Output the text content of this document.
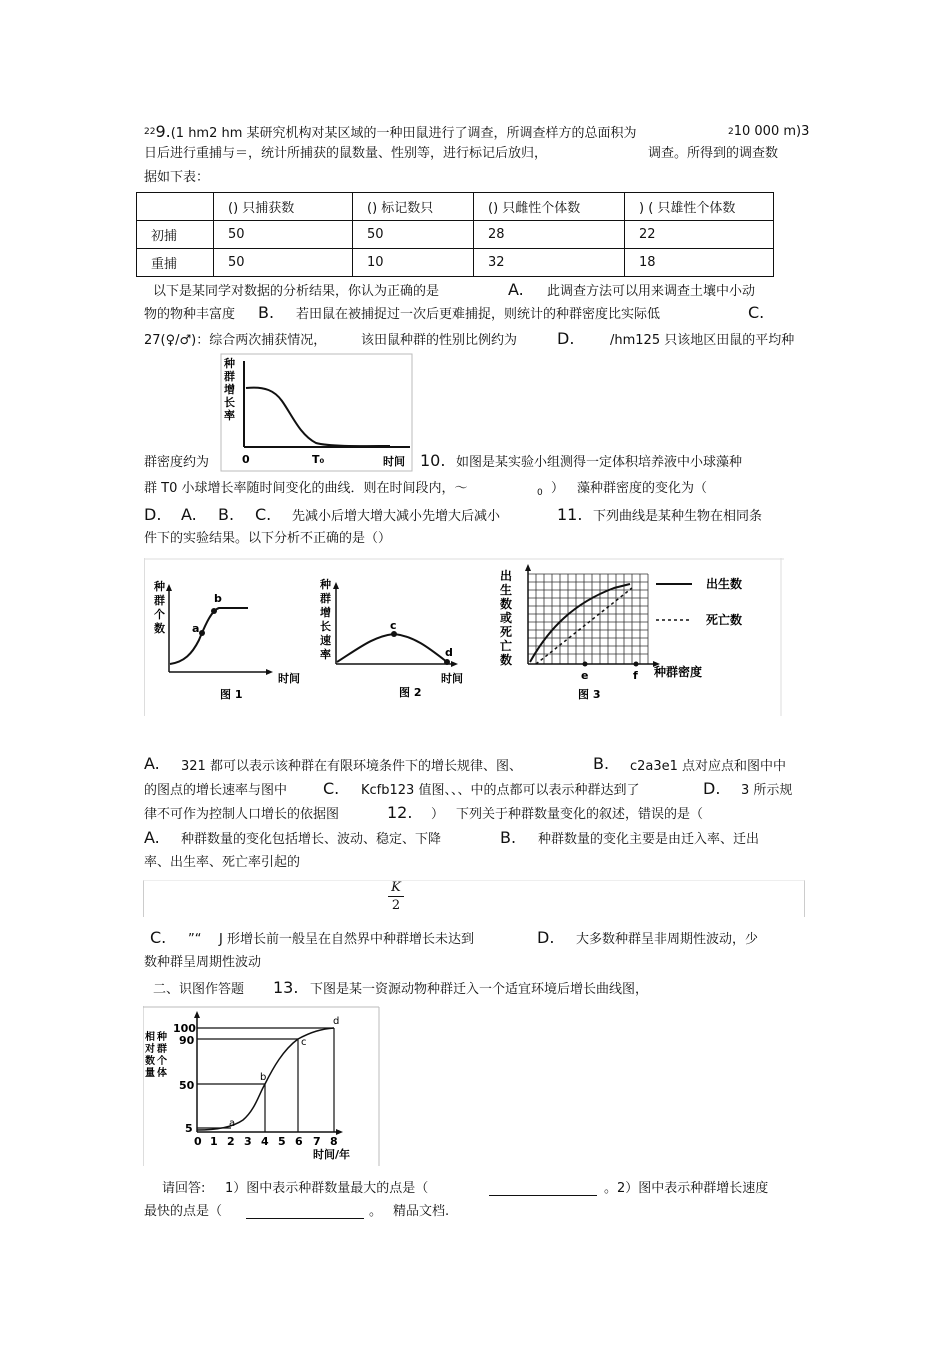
$^{22}$9.(1 hm2 hm 某研究机构对某区域的一种田鼠进行了调查，所调查样方的总面积为	$^2$10 000 m)3
日后进行重捕与＝，统计所捕获的鼠数量、性别等，进行标记后放归，	调查。所得到的调查数
据如下表：
	() 只捕获数	() 标记数只	() 只雌性个体数	) ( 只雄性个体数
初捕	50	50	28	22
重捕	50	10	32	18
以下是某同学对数据的分析结果，你认为正确的是	A. 此调查方法可以用来调查土壤中小动
物的物种丰富度 B. 若田鼠在被捕捉过一次后更难捕捉，则统计的种群密度比实际低	C.
27(♀/♂)：综合两次捕获情况，	该田鼠种群的性别比例约为 D.	/hm125 只该地区田鼠的平均种
种
群
增
长
率
0	T₀	时间
群密度约为	10. 如图是某实验小组测得一定体积培养液中小球藻种
群 T0 小球增长率随时间变化的曲线．则在时间段内，～	0 ） 藻种群密度的变化为（
D. A. B. C. 先减小后增大增大减小先增大后减小	11. 下列曲线是某种生物在相同条
件下的实验结果。以下分析不正确的是（）
种
群
个
数 a
b
时间
图 1
种
群
增
长
速
率
c
d
时间
图 2
出
生
数
或
死
亡
数
e	f 种群密度
图 3
出生数
死亡数
A. 321 都可以表示该种群在有限环境条件下的增长规律、图、	B. c2a3e1 点对应点和图中中
的图点的增长速率与图中 C. Kcfb123 值图、、、中的点都可以表示种群达到了	D. 3 所示规
律不可作为控制人口增长的依据图	12. ） 下列关于种群数量变化的叙述，错误的是（
A. 种群数量的变化包括增长、波动、稳定、下降	B. 种群数量的变化主要是由迁入率、迁出
率、出生率、死亡率引起的
K
2
C. ”“ J 形增长前一般呈在自然界中种群增长未达到	D. 大多数种群呈非周期性波动，少
数种群呈周期性波动
二、识图作答题 13. 下图是某一资源动物种群迁入一个适宜环境后增长曲线图，
相 种
对 群
数 个
量 体
100
90
50
5	a
b
c
d
0 1 2 3 4 5 6 7 8
时间/年
请回答: 1）图中表示种群数量最大的点是（	。2）图中表示种群增长速度
最快的点是（	。 精品文档.
